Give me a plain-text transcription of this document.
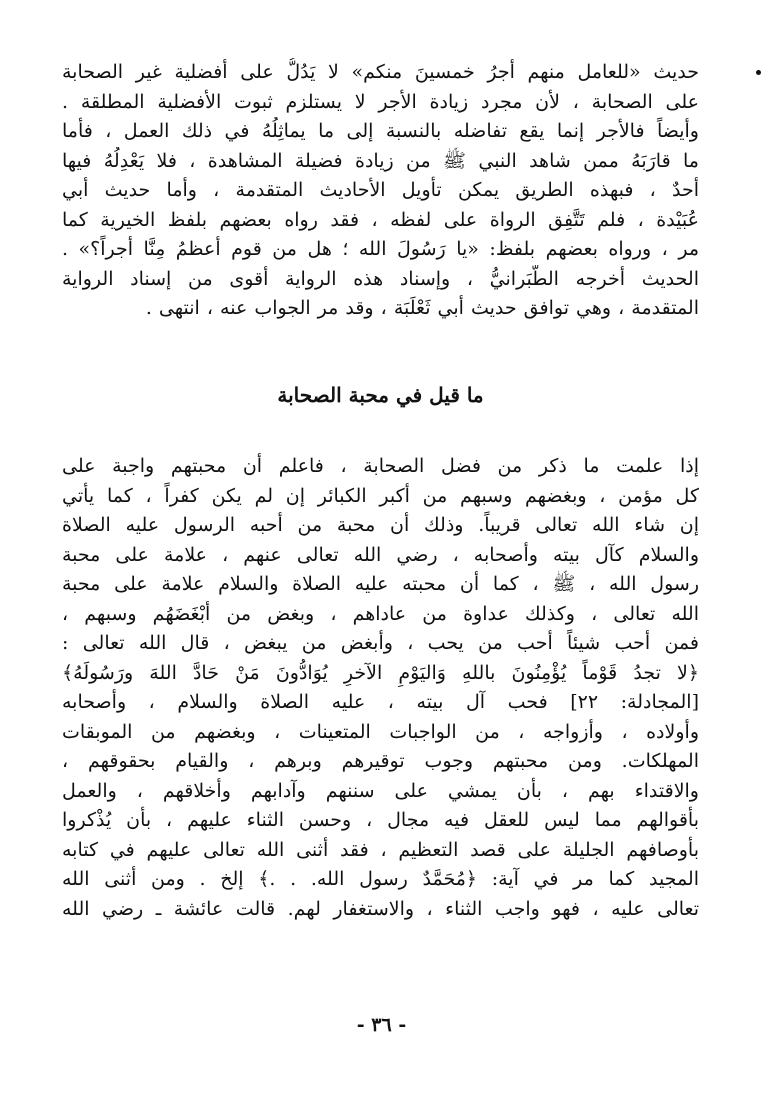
حديث «للعامل منهم أجرُ خمسينَ منكم» لا يَدُلُّ على أفضلية غير الصحابة
على الصحابة ، لأن مجرد زيادة الأجر لا يستلزم ثبوت الأفضلية المطلقة .
وأيضاً فالأجر إنما يقع تفاضله بالنسبة إلى ما يماثِلُهُ في ذلك العمل ، فأما
ما قارَبَهُ ممن شاهد النبي ﷺ من زيادة فضيلة المشاهدة ، فلا يَعْدِلُهُ فيها
أحدٌ ، فبهذه الطريق يمكن تأويل الأحاديث المتقدمة ، وأما حديث أبي
عُبَيْدة ، فلم تَتَّفِق الرواة على لفظه ، فقد رواه بعضهم بلفظ الخيرية كما
مر ، ورواه بعضهم بلفظ: «يا رَسُولَ الله ؛ هل من قوم أعظمُ مِنَّا أجراً؟» .
الحديث أخرجه الطَّبَرانيُّ ، وإسناد هذه الرواية أقوى من إسناد الرواية
المتقدمة ، وهي توافق حديث أبي ثَعْلَبَة ، وقد مر الجواب عنه ، انتهى .
ما قيل في محبة الصحابة
إذا علمت ما ذكر من فضل الصحابة ، فاعلم أن محبتهم واجبة على
كل مؤمن ، وبغضهم وسبهم من أكبر الكبائر إن لم يكن كفراً ، كما يأتي
إن شاء الله تعالى قريباً. وذلك أن محبة من أحبه الرسول عليه الصلاة
والسلام كآل بيته وأصحابه ، رضي الله تعالى عنهم ، علامة على محبة
رسول الله ، ﷺ ، كما أن محبته عليه الصلاة والسلام علامة على محبة
الله تعالى ، وكذلك عداوة من عاداهم ، وبغض من أَبْغَضَهُم وسبهم ،
فمن أحب شيئاً أَحب من يحب ، وأبغض من يبغض ، قال الله تعالى :
﴿لا تجدُ قَوْماً يُؤْمِنُونَ باللهِ وَاليَوْمِ الآخرِ يُوَادُّونَ مَنْ حَادَّ اللهَ ورَسُولَهُ﴾
[المجادلة: ٢٢] فحب آل بيته ، عليه الصلاة والسلام ، وأصحابه
وأولاده ، وأزواجه ، من الواجبات المتعينات ، وبغضهم من الموبقات
المهلكات. ومن محبتهم وجوب توقيرهم وبرهم ، والقيام بحقوقهم ،
والاقتداء بهم ، بأن يمشي على سننهم وآدابهم وأخلاقهم ، والعمل
بأقوالهم مما ليس للعقل فيه مجال ، وحسن الثناء عليهم ، بأن يُذْكروا
بأوصافهم الجليلة على قصد التعظيم ، فقد أثنى الله تعالى عليهم في كتابه
المجيد كما مر في آية: ﴿مُحَمَّدٌ رسول الله. . .﴾ إلخ . ومن أثنى الله
تعالى عليه ، فهو واجب الثناء ، والاستغفار لهم. قالت عائشة ـ رضي الله
- ٣٦ -
